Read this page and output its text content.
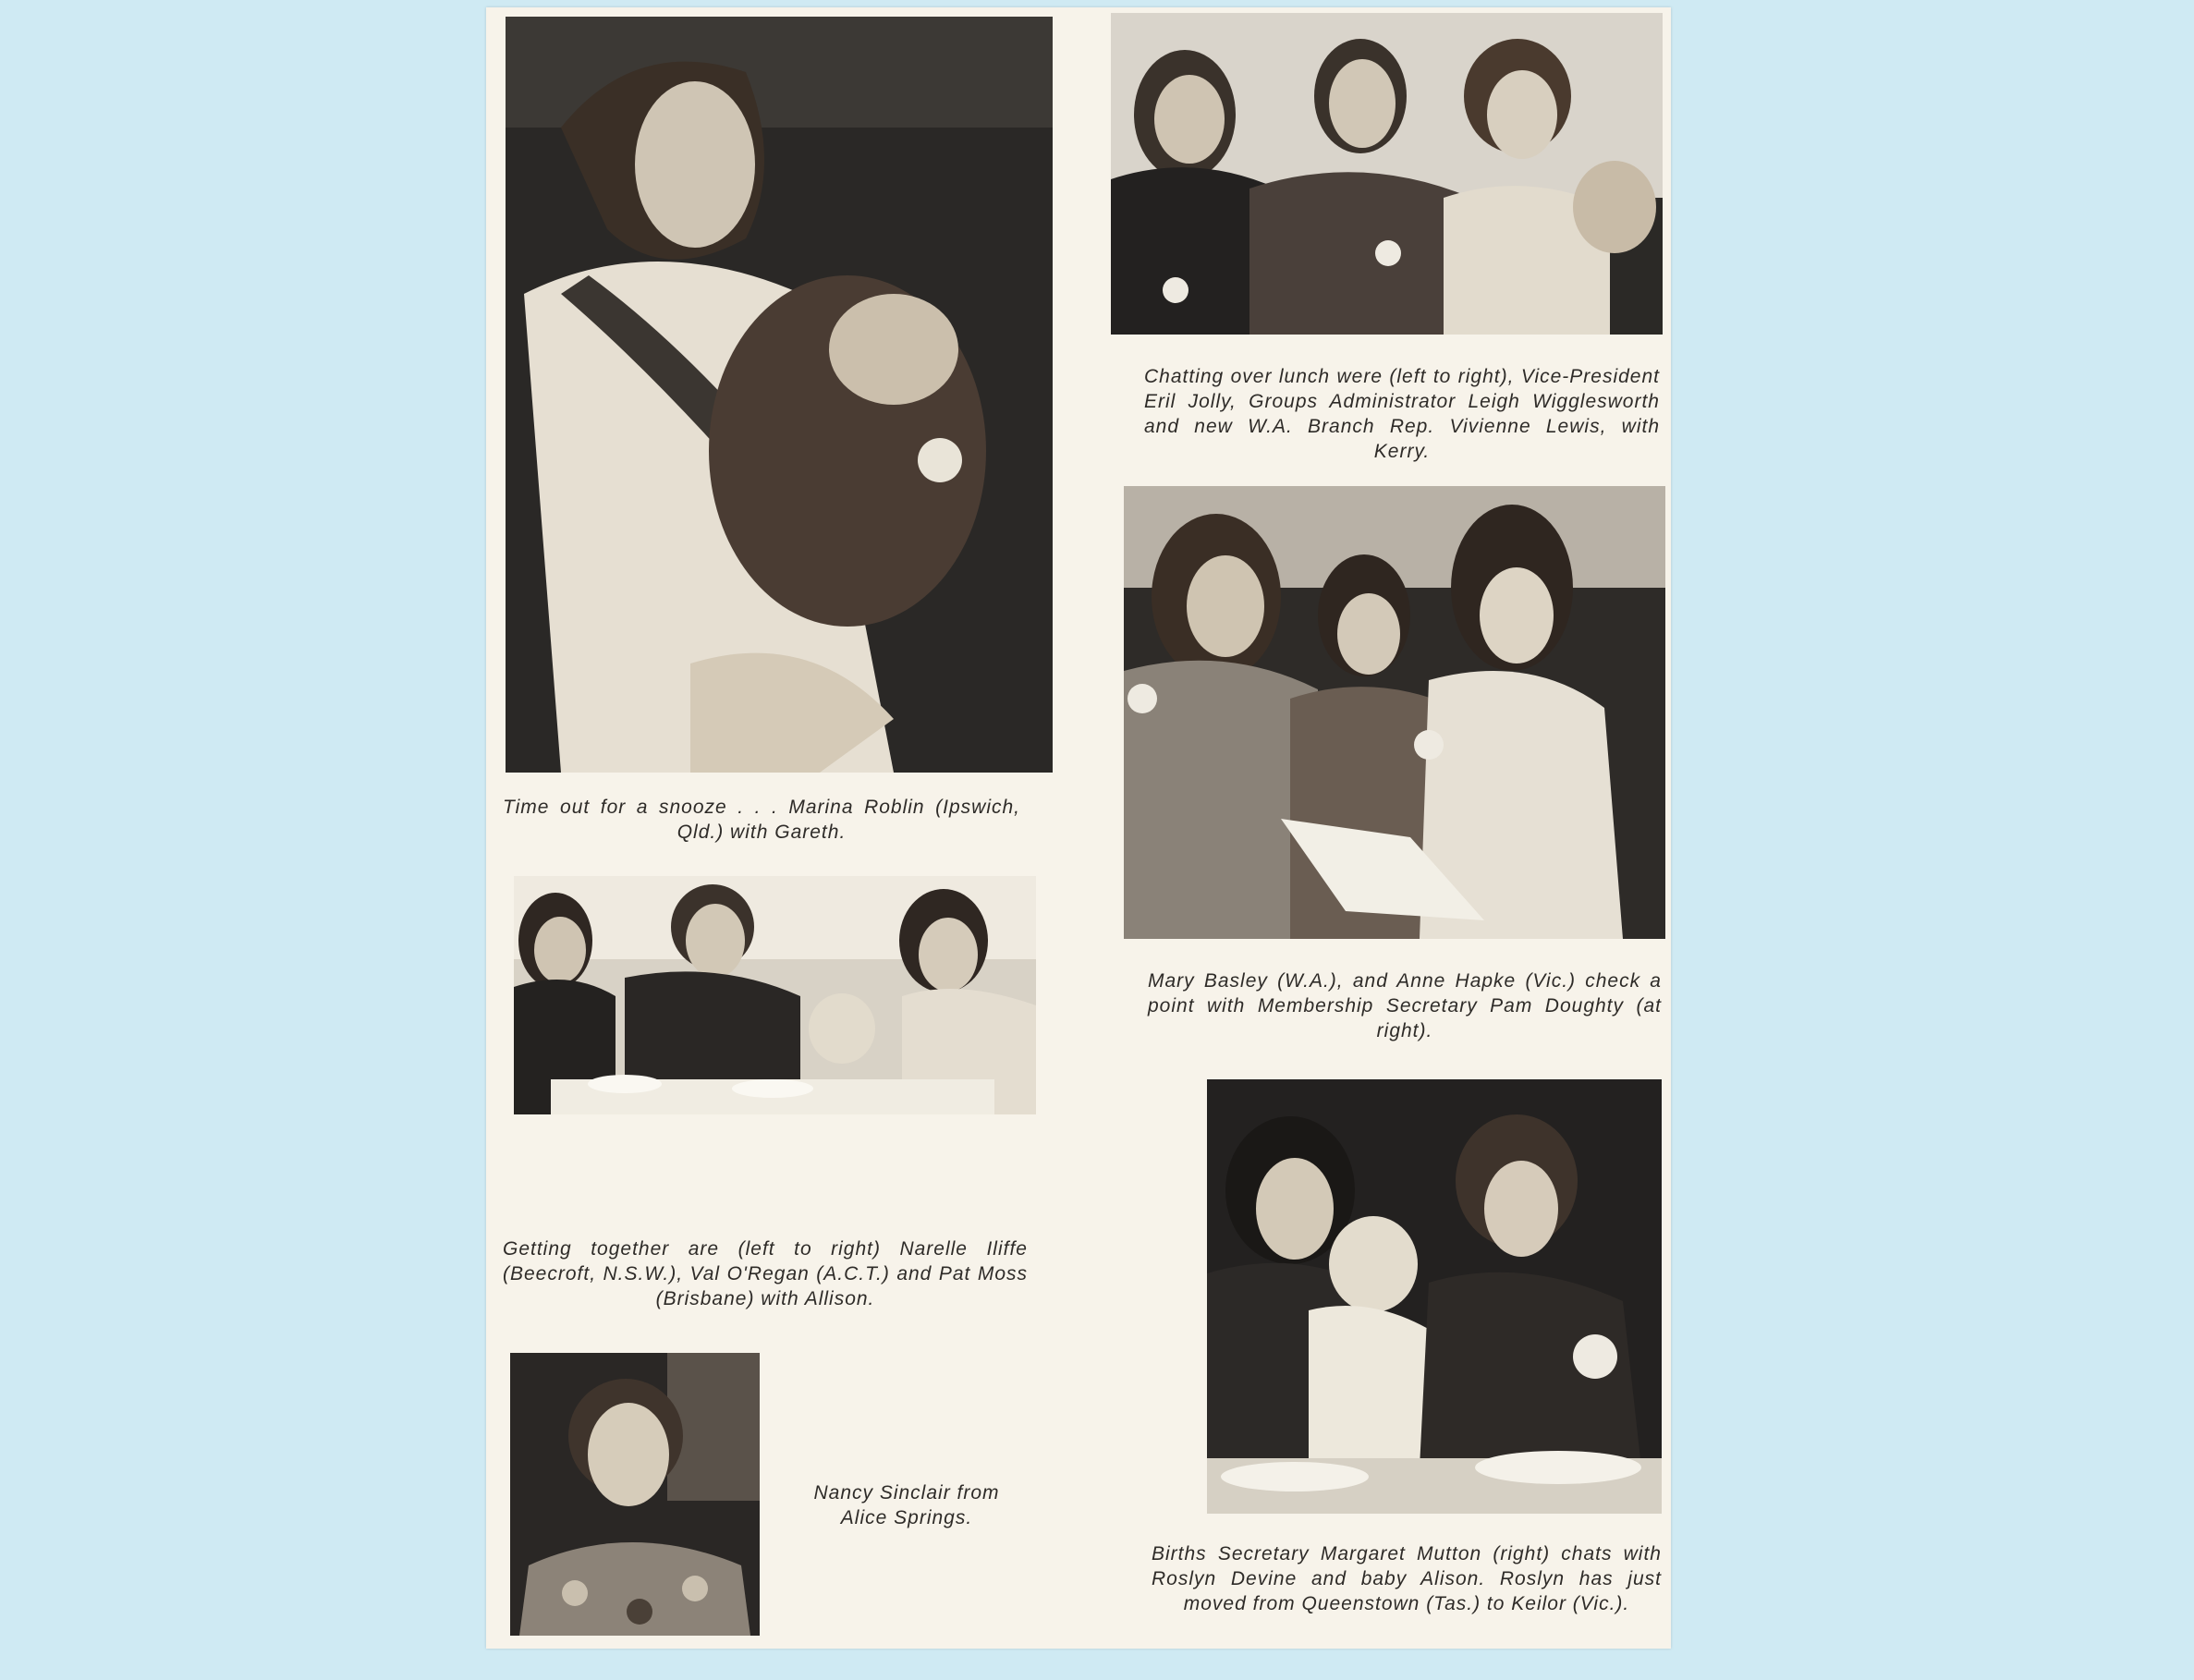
Time out for a snooze . . . Marina Roblin (Ipswich, Qld.) with Gareth.
Chatting over lunch were (left to right), Vice-President Eril Jolly, Groups Administrator Leigh Wigglesworth and new W.A. Branch Rep. Vivienne Lewis, with Kerry.
Mary Basley (W.A.), and Anne Hapke (Vic.) check a point with Membership Secretary Pam Doughty (at right).
Getting together are (left to right) Narelle Iliffe (Beecroft, N.S.W.), Val O'Regan (A.C.T.) and Pat Moss (Brisbane) with Allison.
Births Secretary Margaret Mutton (right) chats with Roslyn Devine and baby Alison. Roslyn has just moved from Queenstown (Tas.) to Keilor (Vic.).
Nancy Sinclair from Alice Springs.
